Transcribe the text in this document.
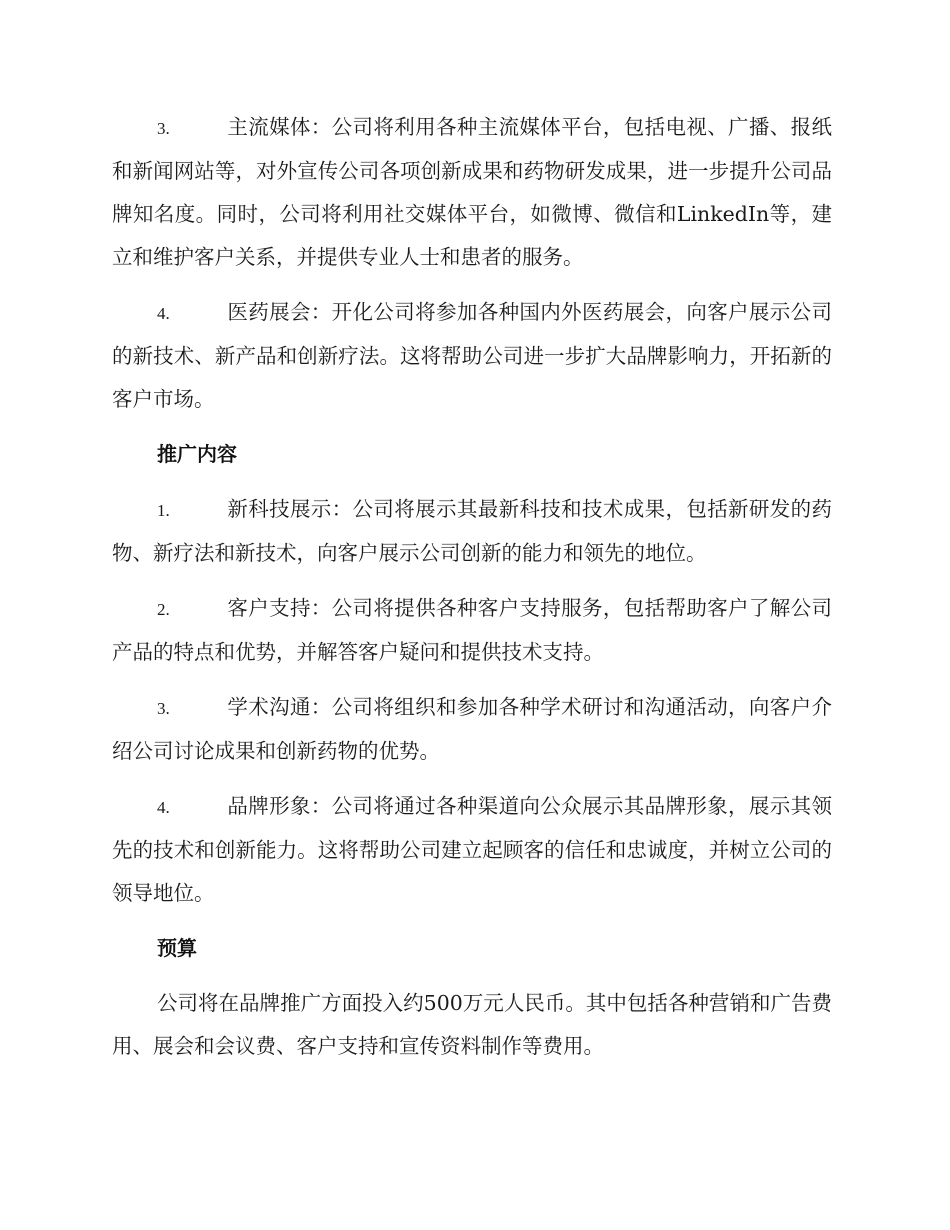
3.	主流媒体：公司将利用各种主流媒体平台，包括电视、广播、报纸和新闻网站等，对外宣传公司各项创新成果和药物研发成果，进一步提升公司品牌知名度。同时，公司将利用社交媒体平台，如微博、微信和LinkedIn等，建立和维护客户关系，并提供专业人士和患者的服务。

4.	医药展会：开化公司将参加各种国内外医药展会，向客户展示公司的新技术、新产品和创新疗法。这将帮助公司进一步扩大品牌影响力，开拓新的客户市场。

推广内容

1.	新科技展示：公司将展示其最新科技和技术成果，包括新研发的药物、新疗法和新技术，向客户展示公司创新的能力和领先的地位。

2.	客户支持：公司将提供各种客户支持服务，包括帮助客户了解公司产品的特点和优势，并解答客户疑问和提供技术支持。

3.	学术沟通：公司将组织和参加各种学术研讨和沟通活动，向客户介绍公司讨论成果和创新药物的优势。

4.	品牌形象：公司将通过各种渠道向公众展示其品牌形象，展示其领先的技术和创新能力。这将帮助公司建立起顾客的信任和忠诚度，并树立公司的领导地位。

预算

公司将在品牌推广方面投入约500万元人民币。其中包括各种营销和广告费用、展会和会议费、客户支持和宣传资料制作等费用。
